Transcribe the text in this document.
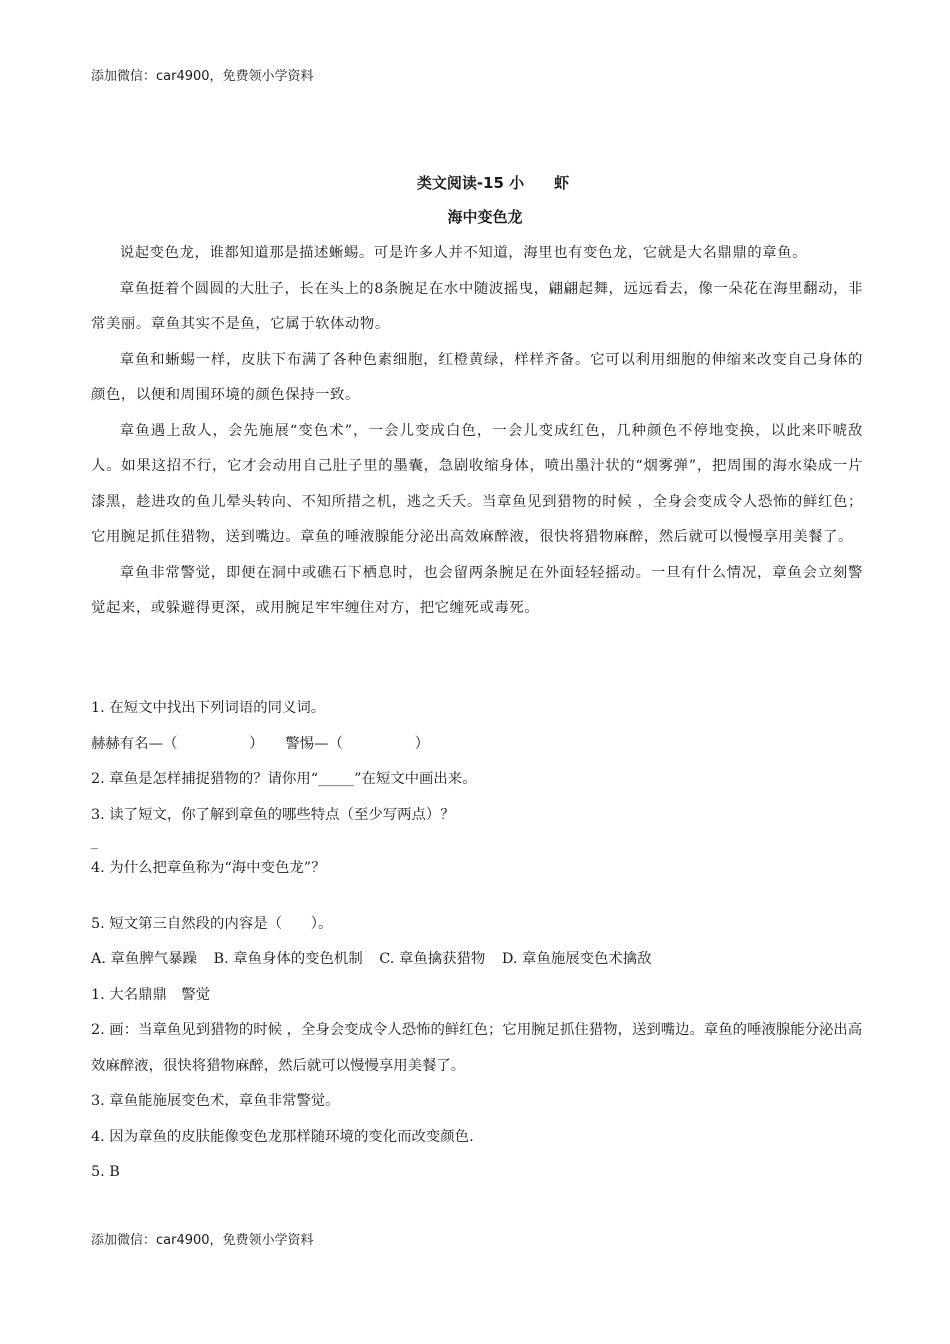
添加微信：car4900，免费领小学资料
类文阅读-15 小　　虾
海中变色龙

说起变色龙，谁都知道那是描述蜥蜴。可是许多人并不知道，海里也有变色龙，它就是大名鼎鼎的章鱼。

章鱼挺着个圆圆的大肚子，长在头上的8条腕足在水中随波摇曳，翩翩起舞，远远看去，像一朵花在海里翻动，非常美丽。章鱼其实不是鱼，它属于软体动物。

章鱼和蜥蜴一样，皮肤下布满了各种色素细胞，红橙黄绿，样样齐备。它可以利用细胞的伸缩来改变自己身体的颜色，以便和周围环境的颜色保持一致。

章鱼遇上敌人，会先施展“变色术”，一会儿变成白色，一会儿变成红色，几种颜色不停地变换，以此来吓唬敌人。如果这招不行，它才会动用自己肚子里的墨囊，急剧收缩身体，喷出墨汁状的“烟雾弹”，把周围的海水染成一片漆黑，趁进攻的鱼儿晕头转向、不知所措之机，逃之夭夭。当章鱼见到猎物的时候 ，全身会变成令人恐怖的鲜红色；它用腕足抓住猎物，送到嘴边。章鱼的唾液腺能分泌出高效麻醉液，很快将猎物麻醉，然后就可以慢慢享用美餐了。

章鱼非常警觉，即便在洞中或礁石下栖息时，也会留两条腕足在外面轻轻摇动。一旦有什么情况，章鱼会立刻警觉起来，或躲避得更深，或用腕足牢牢缠住对方，把它缠死或毒死。

1. 在短文中找出下列词语的同义词。
赫赫有名—（　　　　　）　　警惕—（　　　　　）
2. 章鱼是怎样捕捉猎物的？请你用“_____”在短文中画出来。
3. 读了短文，你了解到章鱼的哪些特点（至少写两点）？
_
4. 为什么把章鱼称为“海中变色龙”？
5. 短文第三自然段的内容是（　　）。
A. 章鱼脾气暴躁 B. 章鱼身体的变色机制 C. 章鱼擒获猎物 D. 章鱼施展变色术擒敌
1. 大名鼎鼎　警觉
2. 画：当章鱼见到猎物的时候 ，全身会变成令人恐怖的鲜红色；它用腕足抓住猎物，送到嘴边。章鱼的唾液腺能分泌出高效麻醉液，很快将猎物麻醉，然后就可以慢慢享用美餐了。
3. 章鱼能施展变色术，章鱼非常警觉。
4. 因为章鱼的皮肤能像变色龙那样随环境的变化而改变颜色.
5. B
添加微信：car4900，免费领小学资料
